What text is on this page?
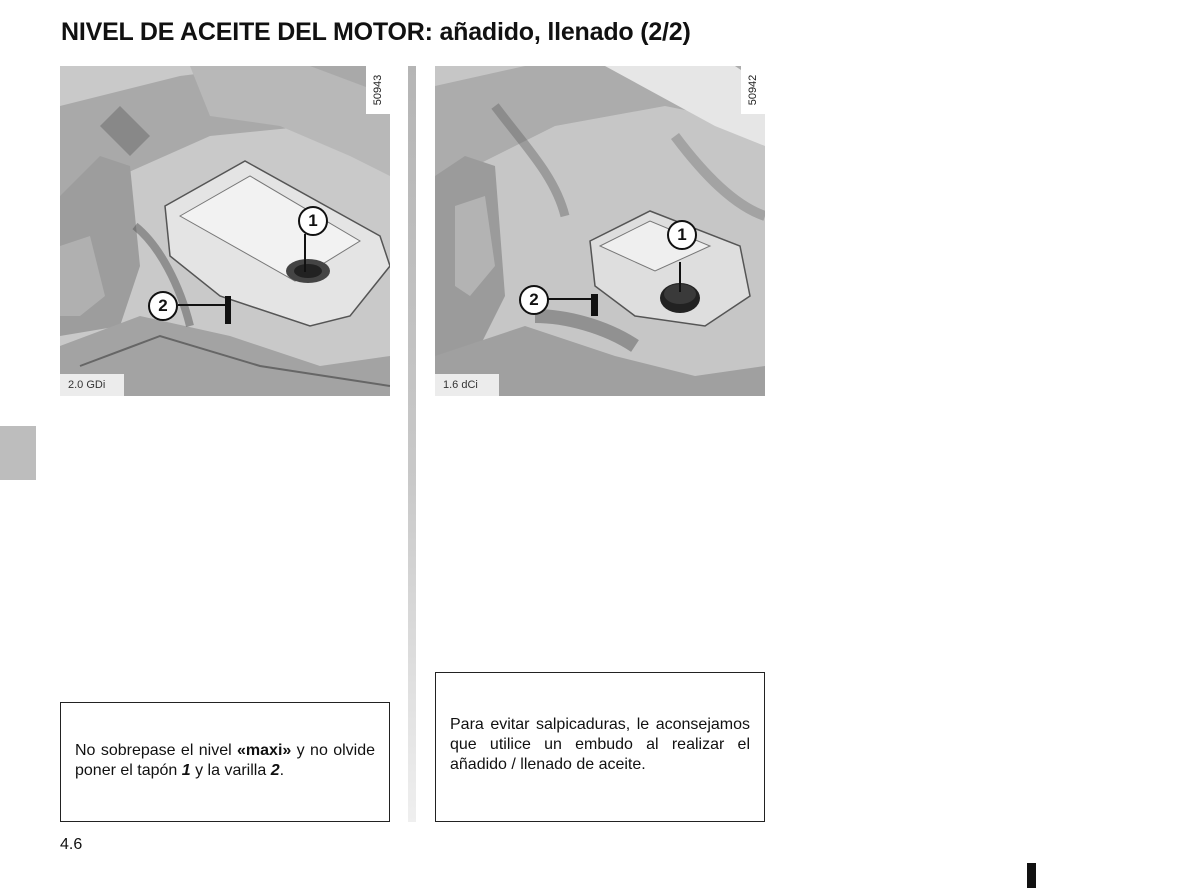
NIVEL DE ACEITE DEL MOTOR: añadido, llenado (2/2)
50943
2.0 GDi
1
2
50942
1.6 dCi
1
2

No sobrepase el nivel «maxi» y no olvide poner el tapón 1 y la varilla 2.

Para evitar salpicaduras, le aconsejamos que utilice un embudo al realizar el añadido / llenado de aceite.

4.6
